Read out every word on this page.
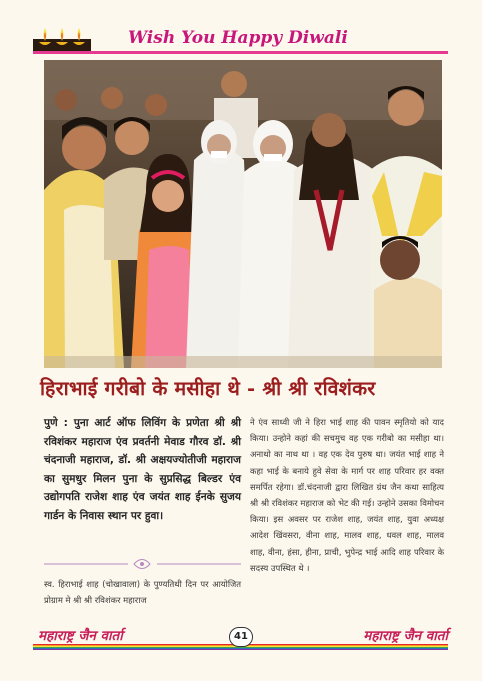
Wish You Happy Diwali
हिराभाई गरीबो के मसीहा थे - श्री श्री रविशंकर

पुणे : पुना आर्ट ऑफ लिविंग के प्रणेता श्री श्री रविशंकर महाराज एंव प्रवर्तनी मेवाड गौरव डॉ. श्री चंदनाजी महाराज, डॉ. श्री अक्षयज्योतीजी महाराज का सुमधुर मिलन पुना के सुप्रसिद्ध बिल्डर एंव उद्योगपति राजेश शाह एंव जयंत शाह ईनके सुजय गार्डन के निवास स्थान पर हुवा।

स्व. हिराभाई शाह (चोखावाला) के पुण्यतिथी दिन पर आयोजित प्रोग्राम मे श्री श्री रविशंकर महाराज

ने एंव साध्वी जी ने हिरा भाई शाह की पावन स्मृतियो को याद किया। उन्होने कहां की सचमुच वह एक गरीबो का मसीहा था। अनाथो का नाथ था । वह एक देव पुरुष था। जयंत भाई शाह ने कहा भाई के बनाये हुवे सेवा के मार्ग पर शाह परिवार हर वक्त समर्पित रहेगा। डॉ.चंदनाजी द्वारा लिखित ग्रंथ जैन कथा साहित्य श्री श्री रविशंकर महाराज को भेट की गई। उन्होने उसका विमोचन किया। इस अवसर पर राजेश शाह, जयंत शाह, युवा अध्यक्ष आदेश खिंवसरा, वीना शाह, मालव शाह, धवल शाह, मालव शाह, वीना, हंसा, हीना, प्राची, भुपेन्द्र भाई आदि शाह परिवार के सदस्य उपस्थित थे ।

महाराष्ट्र जैन वार्ता	महाराष्ट्र जैन वार्ता
41
